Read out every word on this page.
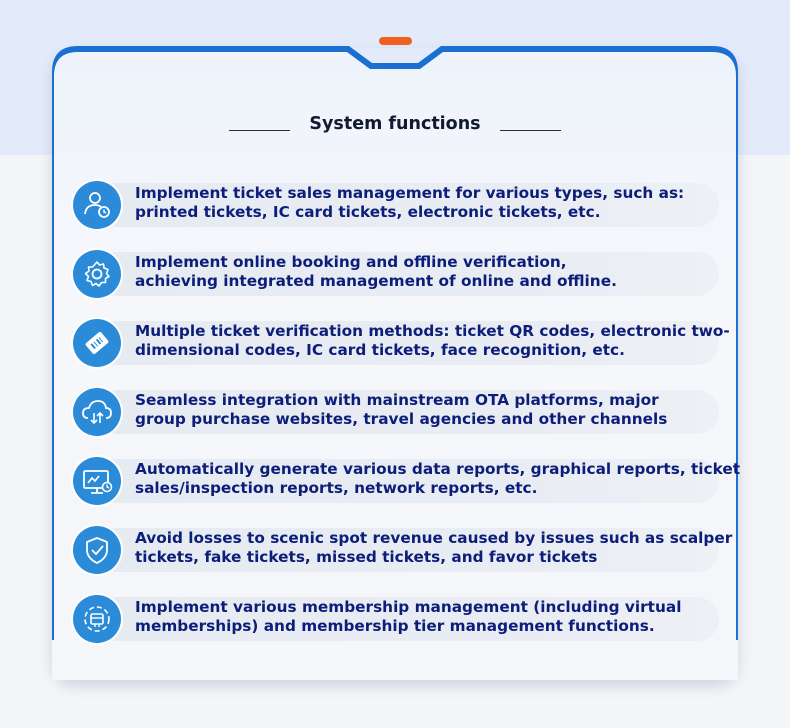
System functions
Implement ticket sales management for various types, such as:
printed tickets, IC card tickets, electronic tickets, etc.
Implement online booking and offline verification,
achieving integrated management of online and offline.
Multiple ticket verification methods: ticket QR codes, electronic two-
dimensional codes, IC card tickets, face recognition, etc.
Seamless integration with mainstream OTA platforms, major
group purchase websites, travel agencies and other channels
Automatically generate various data reports, graphical reports, ticket
sales/inspection reports, network reports, etc.
Avoid losses to scenic spot revenue caused by issues such as scalper
tickets, fake tickets, missed tickets, and favor tickets
Implement various membership management (including virtual
memberships) and membership tier management functions.
